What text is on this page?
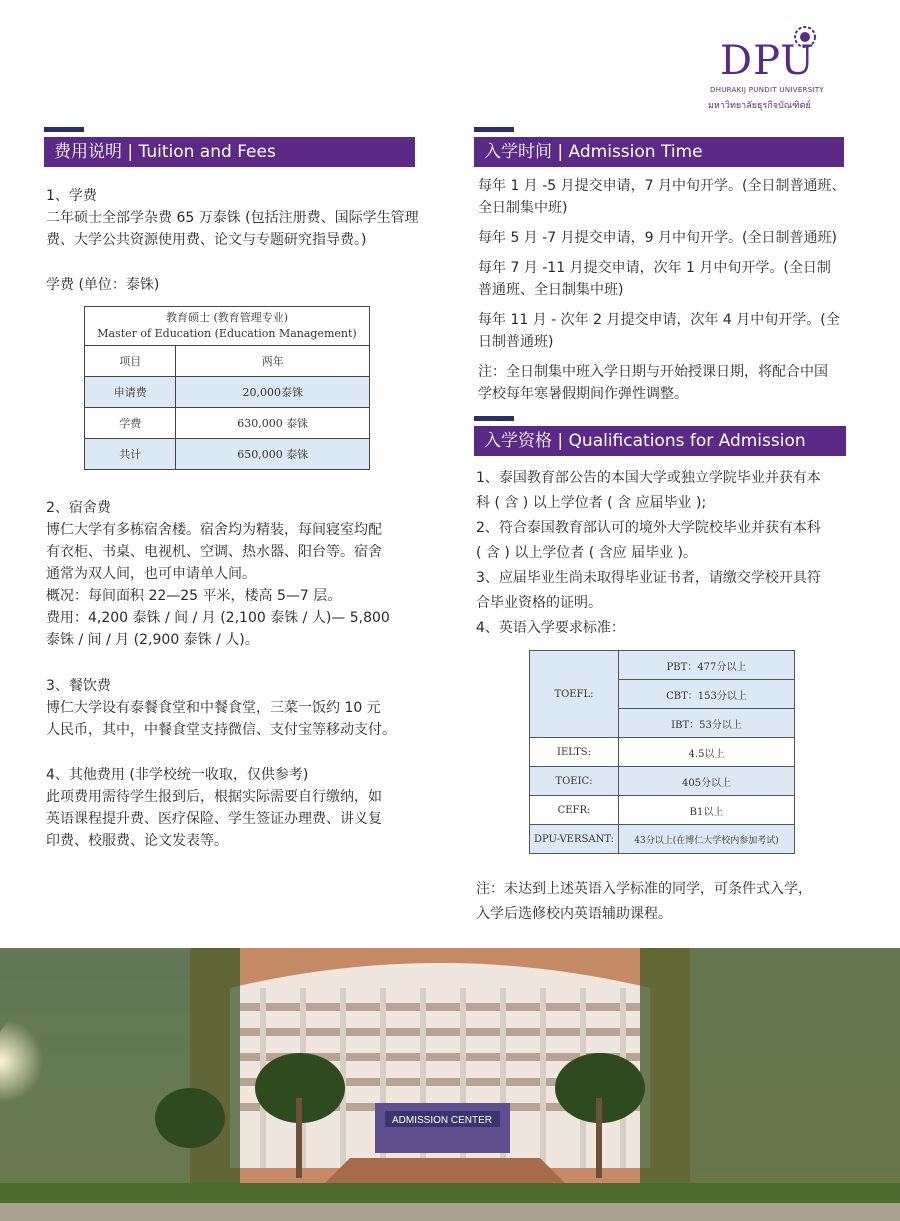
DPU
DHURAKIJ PUNDIT UNIVERSITY
มหาวิทยาลัยธุรกิจบัณฑิตย์
费用说明 | Tuition and Fees

1、学费

二年硕士全部学杂费 65 万泰铢 (包括注册费、国际学生管理费、大学公共资源使用费、论文与专题研究指导费。)

学费 (单位：泰铢)
教育硕士 (教育管理专业)
Master of Education (Education Management)	

项目	两年
申请费	20,000泰铢
学费	630,000 泰铢
共计	650,000 泰铢

2、宿舍费

博仁大学有多栋宿舍楼。宿舍均为精装，每间寝室均配

有衣柜、书桌、电视机、空调、热水器、阳台等。宿舍

通常为双人间，也可申请单人间。

概况：每间面积 22—25 平米，楼高 5—7 层。

费用：4,200 泰铢 / 间 / 月 (2,100 泰铢 / 人)— 5,800

泰铢 / 间 / 月 (2,900 泰铢 / 人)。

3、餐饮费

博仁大学设有泰餐食堂和中餐食堂，三菜一饭约 10 元

人民币，其中，中餐食堂支持微信、支付宝等移动支付。

4、其他费用 (非学校统一收取，仅供参考)

此项费用需待学生报到后，根据实际需要自行缴纳，如

英语课程提升费、医疗保险、学生签证办理费、讲义复

印费、校服费、论文发表等。

入学时间 | Admission Time

每年 1 月 -5 月提交申请，7 月中旬开学。(全日制普通班、

全日制集中班)

每年 5 月 -7 月提交申请，9 月中旬开学。(全日制普通班)

每年 7 月 -11 月提交申请，次年 1 月中旬开学。(全日制

普通班、全日制集中班)

每年 11 月 - 次年 2 月提交申请，次年 4 月中旬开学。(全

日制普通班)

注：全日制集中班入学日期与开始授课日期，将配合中国

学校每年寒暑假期间作弹性调整。

入学资格 | Qualifications for Admission

1、泰国教育部公告的本国大学或独立学院毕业并获有本

科 ( 含 ) 以上学位者 ( 含 应届毕业 );

2、符合泰国教育部认可的境外大学院校毕业并获有本科

( 含 ) 以上学位者 ( 含应 届毕业 )。

3、应届毕业生尚未取得毕业证书者，请缴交学校开具符

合毕业资格的证明。

4、英语入学要求标准：

TOEFL:	PBT：477分以上
	CBT：153分以上
	IBT：53分以上
IELTS:	4.5以上
TOEIC:	405分以上
CEFR:	B1以上
DPU-VERSANT:	43分以上(在博仁大学校内参加考试)

注：未达到上述英语入学标准的同学，可条件式入学，

入学后选修校内英语辅助课程。

ADMISSION CENTER
